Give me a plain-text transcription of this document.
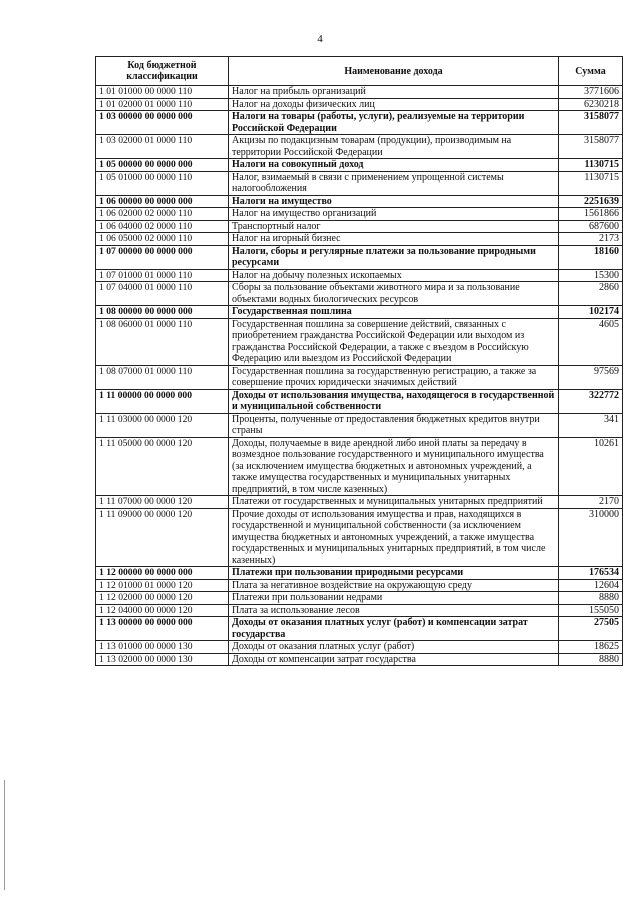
4
Код бюджетной классификации	Наименование дохода	Сумма
1 01 01000 00 0000 110	Налог на прибыль организаций	3771606
1 01 02000 01 0000 110	Налог на доходы физических лиц	6230218
1 03 00000 00 0000 000	Налоги на товары (работы, услуги), реализуемые на территории Российской Федерации	3158077
1 03 02000 01 0000 110	Акцизы по подакцизным товарам (продукции), производимым на территории Российской Федерации	3158077
1 05 00000 00 0000 000	Налоги на совокупный доход	1130715
1 05 01000 00 0000 110	Налог, взимаемый в связи с применением упрощенной системы налогообложения	1130715
1 06 00000 00 0000 000	Налоги на имущество	2251639
1 06 02000 02 0000 110	Налог на имущество организаций	1561866
1 06 04000 02 0000 110	Транспортный налог	687600
1 06 05000 02 0000 110	Налог на игорный бизнес	2173
1 07 00000 00 0000 000	Налоги, сборы и регулярные платежи за пользование природными ресурсами	18160
1 07 01000 01 0000 110	Налог на добычу полезных ископаемых	15300
1 07 04000 01 0000 110	Сборы за пользование объектами животного мира и за пользование объектами водных биологических ресурсов	2860
1 08 00000 00 0000 000	Государственная пошлина	102174
1 08 06000 01 0000 110	Государственная пошлина за совершение действий, связанных с приобретением гражданства Российской Федерации или выходом из гражданства Российской Федерации, а также с въездом в Российскую Федерацию или выездом из Российской Федерации	4605
1 08 07000 01 0000 110	Государственная пошлина за государственную регистрацию, а также за совершение прочих юридически значимых действий	97569
1 11 00000 00 0000 000	Доходы от использования имущества, находящегося в государственной и муниципальной собственности	322772
1 11 03000 00 0000 120	Проценты, полученные от предоставления бюджетных кредитов внутри страны	341
1 11 05000 00 0000 120	Доходы, получаемые в виде арендной либо иной платы за передачу в возмездное пользование государственного и муниципального имущества (за исключением имущества бюджетных и автономных учреждений, а также имущества государственных и муниципальных унитарных предприятий, в том числе казенных)	10261
1 11 07000 00 0000 120	Платежи от государственных и муниципальных унитарных предприятий	2170
1 11 09000 00 0000 120	Прочие доходы от использования имущества и прав, находящихся в государственной и муниципальной собственности (за исключением имущества бюджетных и автономных учреждений, а также имущества государственных и муниципальных унитарных предприятий, в том числе казенных)	310000
1 12 00000 00 0000 000	Платежи при пользовании природными ресурсами	176534
1 12 01000 01 0000 120	Плата за негативное воздействие на окружающую среду	12604
1 12 02000 00 0000 120	Платежи при пользовании недрами	8880
1 12 04000 00 0000 120	Плата за использование лесов	155050
1 13 00000 00 0000 000	Доходы от оказания платных услуг (работ) и компенсации затрат государства	27505
1 13 01000 00 0000 130	Доходы от оказания платных услуг (работ)	18625
1 13 02000 00 0000 130	Доходы от компенсации затрат государства	8880
